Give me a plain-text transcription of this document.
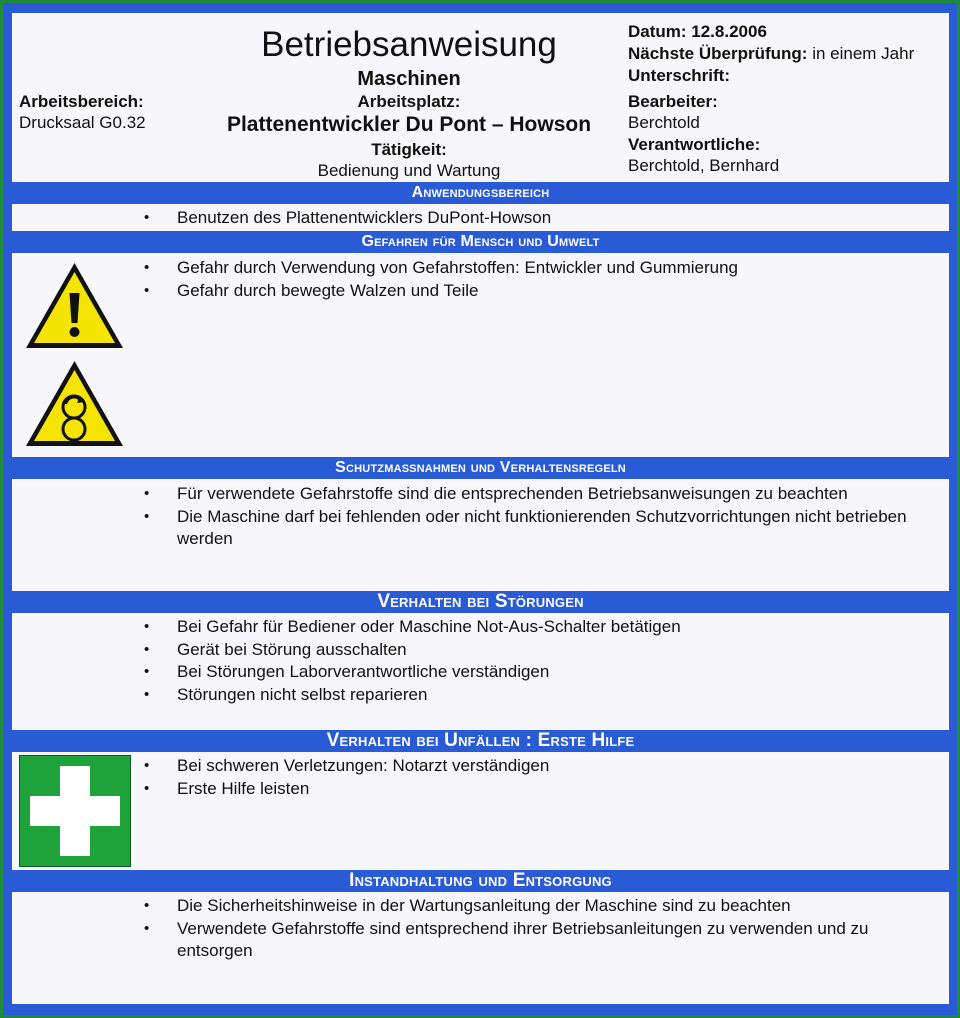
Arbeitsbereich:
Drucksaal G0.32
Betriebsanweisung
Maschinen
Arbeitsplatz:
Plattenentwickler Du Pont – Howson
Tätigkeit:
Bedienung und Wartung
Datum: 12.8.2006
Nächste Überprüfung: in einem Jahr
Unterschrift:
Bearbeiter:
Berchtold
Verantwortliche:
Berchtold, Bernhard
Anwendungsbereich
• Benutzen des Plattenentwicklers DuPont-Howson
Gefahren für Mensch und Umwelt
• Gefahr durch Verwendung von Gefahrstoffen: Entwickler und Gummierung
• Gefahr durch bewegte Walzen und Teile
Schutzmaßnahmen und Verhaltensregeln
• Für verwendete Gefahrstoffe sind die entsprechenden Betriebsanweisungen zu beachten
• Die Maschine darf bei fehlenden oder nicht funktionierenden Schutzvorrichtungen nicht betrieben werden
Verhalten bei Störungen
• Bei Gefahr für Bediener oder Maschine Not-Aus-Schalter betätigen
• Gerät bei Störung ausschalten
• Bei Störungen Laborverantwortliche verständigen
• Störungen nicht selbst reparieren
Verhalten bei Unfällen : Erste Hilfe
• Bei schweren Verletzungen: Notarzt verständigen
• Erste Hilfe leisten
Instandhaltung und Entsorgung
• Die Sicherheitshinweise in der Wartungsanleitung der Maschine sind zu beachten
• Verwendete Gefahrstoffe sind entsprechend ihrer Betriebsanleitungen zu verwenden und zu entsorgen
